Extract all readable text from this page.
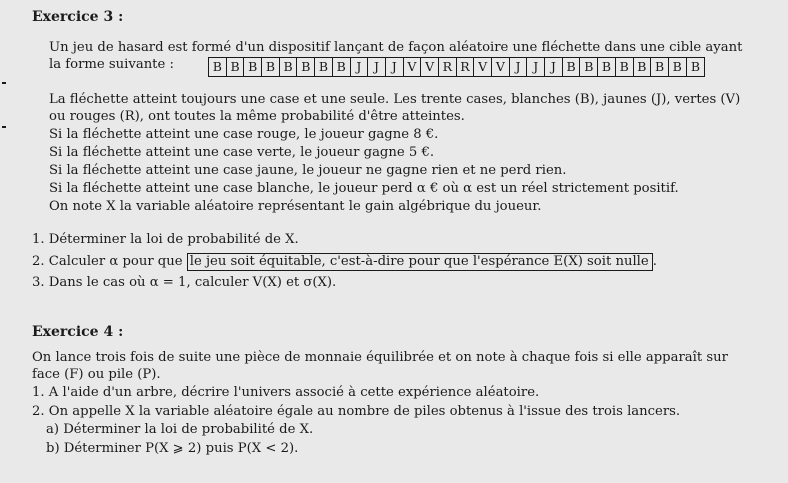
Exercice 3 :
Un jeu de hasard est formé d'un dispositif lançant de façon aléatoire une fléchette dans une cible ayant
la forme suivante :	B B B B B B B B J	J	J V V R R V V J	J	J B B B B B B B B
La fléchette atteint toujours une case et une seule. Les trente cases, blanches (B), jaunes (J), vertes (V)
ou rouges (R), ont toutes la même probabilité d'être atteintes.
Si la fléchette atteint une case rouge, le joueur gagne 8 €.
Si la fléchette atteint une case verte, le joueur gagne 5 €.
Si la fléchette atteint une case jaune, le joueur ne gagne rien et ne perd rien.
Si la fléchette atteint une case blanche, le joueur perd α € où α est un réel strictement positif.
On note X la variable aléatoire représentant le gain algébrique du joueur.
1. Déterminer la loi de probabilité de X.
2. Calculer α pour que le jeu soit équitable, c'est-à-dire pour que l'espérance E(X) soit nulle .
3. Dans le cas où α = 1, calculer V(X) et σ(X).
Exercice 4 :
On lance trois fois de suite une pièce de monnaie équilibrée et on note à chaque fois si elle apparaît sur
face (F) ou pile (P).
1. A l'aide d'un arbre, décrire l'univers associé à cette expérience aléatoire.
2. On appelle X la variable aléatoire égale au nombre de piles obtenus à l'issue des trois lancers.
a) Déterminer la loi de probabilité de X.
b) Déterminer P(X ⩾ 2) puis P(X < 2).
